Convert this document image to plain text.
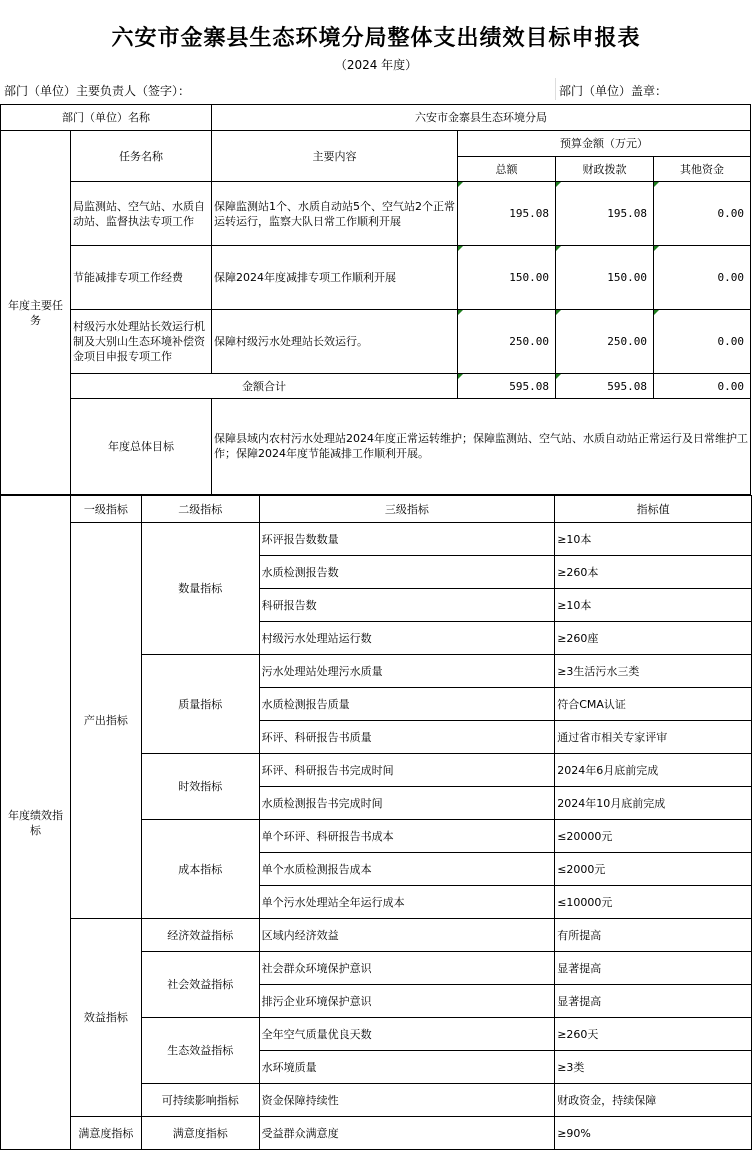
六安市金寨县生态环境分局整体支出绩效目标申报表
（2024 年度）
部门（单位）主要负责人（签字）：	部门（单位）盖章：
部门（单位）名称		六安市金寨县生态环境分局			
年度主要任务	任务名称	主要内容	预算金额（万元）		
			总额	财政拨款	其他资金
	局监测站、空气站、水质自动站、监督执法专项工作	保障监测站1个、水质自动站5个、空气站2个正常运转运行，监察大队日常工作顺利开展	195.08	195.08	0.00
	节能减排专项工作经费	保障2024年度减排专项工作顺利开展	150.00	150.00	0.00
	村级污水处理站长效运行机制及大别山生态环境补偿资金项目申报专项工作	保障村级污水处理站长效运行。	250.00	250.00	0.00
	金额合计		595.08	595.08	0.00
	年度总体目标	保障县域内农村污水处理站2024年度正常运转维护；保障监测站、空气站、水质自动站正常运行及日常维护工作；保障2024年度节能减排工作顺利开展。			
年度绩效指标	一级指标	二级指标	三级指标	指标值
	产出指标	数量指标	环评报告数数量	≥10本
			水质检测报告数	≥260本
			科研报告数	≥10本
			村级污水处理站运行数	≥260座
		质量指标	污水处理站处理污水质量	≥3生活污水三类
			水质检测报告质量	符合CMA认证
			环评、科研报告书质量	通过省市相关专家评审
		时效指标	环评、科研报告书完成时间	2024年6月底前完成
			水质检测报告书完成时间	2024年10月底前完成
		成本指标	单个环评、科研报告书成本	≤20000元
			单个水质检测报告成本	≤2000元
			单个污水处理站全年运行成本	≤10000元
	效益指标	经济效益指标	区域内经济效益	有所提高
		社会效益指标	社会群众环境保护意识	显著提高
			排污企业环境保护意识	显著提高
		生态效益指标	全年空气质量优良天数	≥260天
			水环境质量	≥3类
		可持续影响指标	资金保障持续性	财政资金，持续保障
	满意度指标	满意度指标	受益群众满意度	≥90%
